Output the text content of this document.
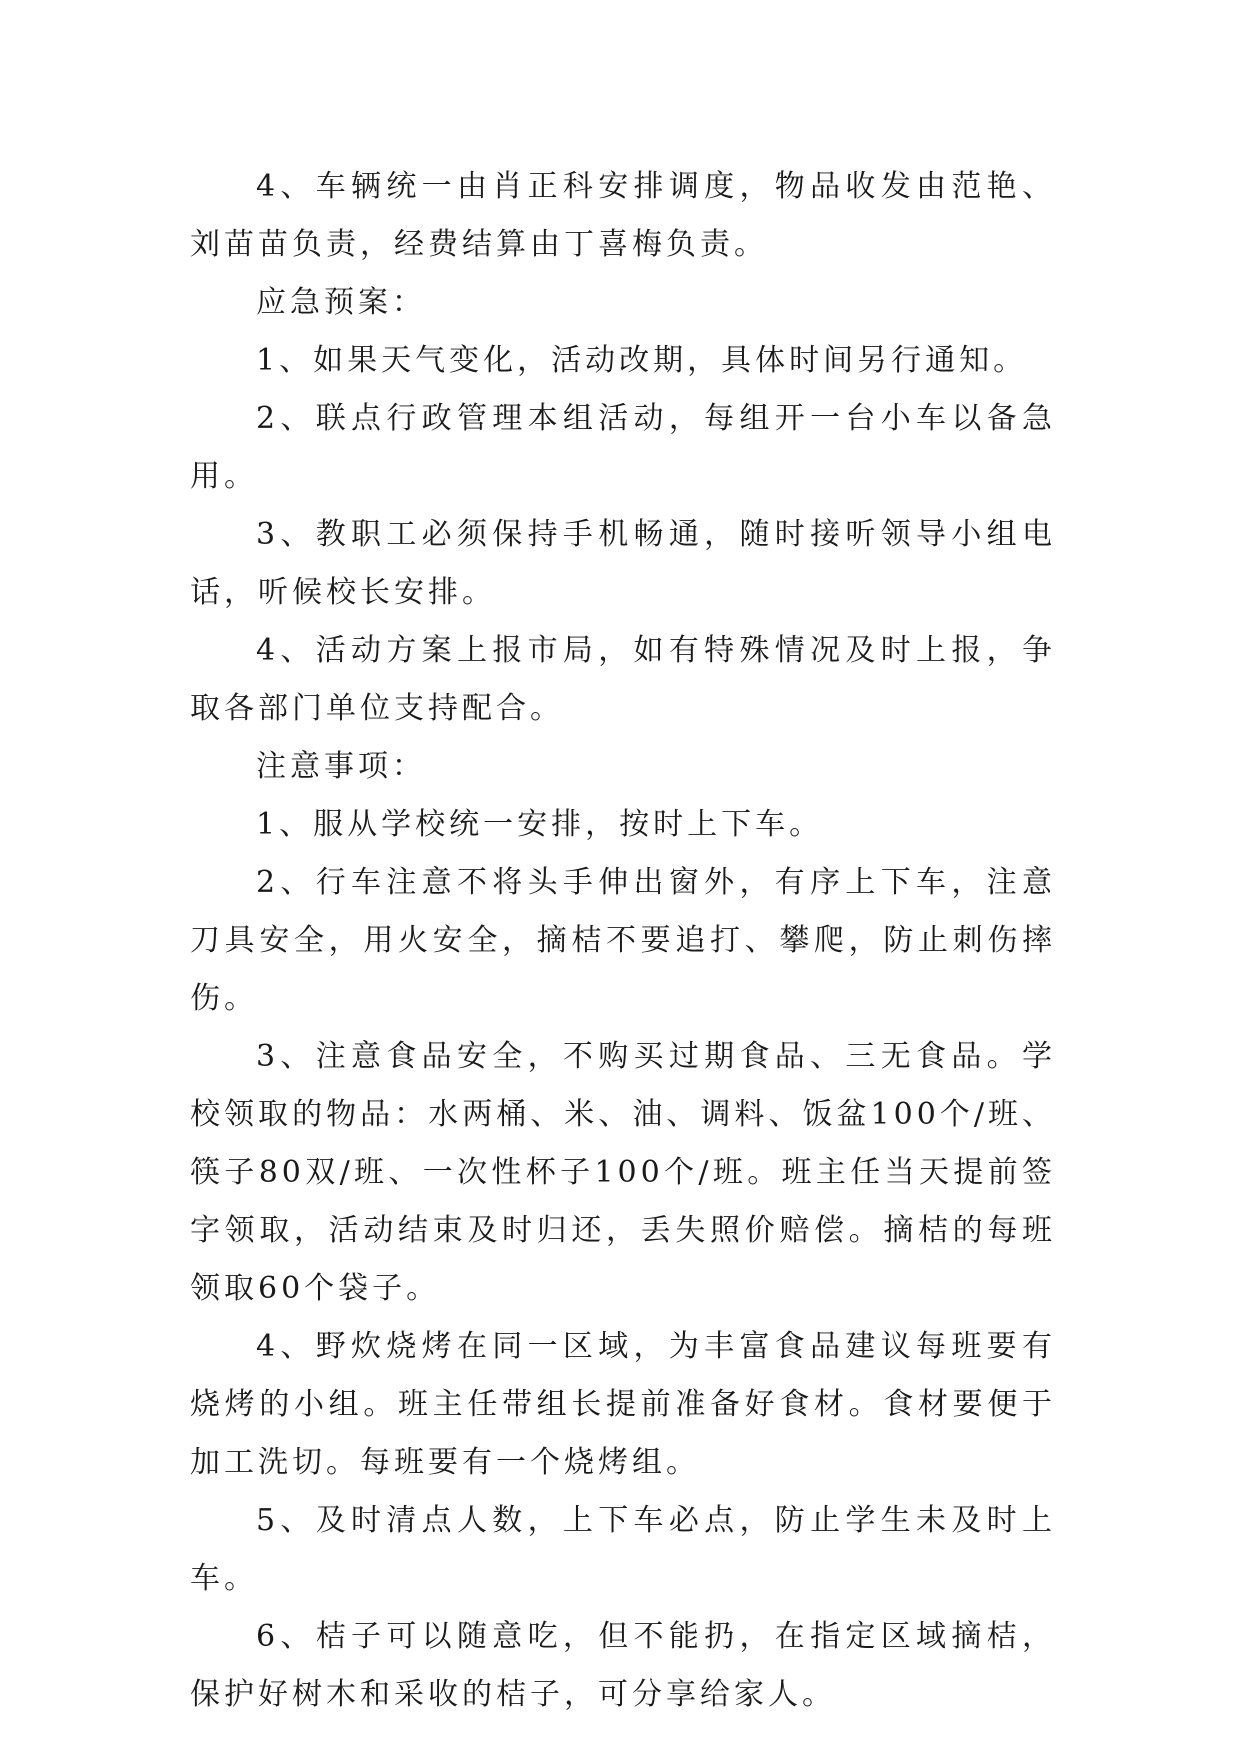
4、车辆统一由肖正科安排调度，物品收发由范艳、刘苗苗负责，经费结算由丁喜梅负责。

应急预案：

1、如果天气变化，活动改期，具体时间另行通知。

2、联点行政管理本组活动，每组开一台小车以备急用。

3、教职工必须保持手机畅通，随时接听领导小组电话，听候校长安排。

4、活动方案上报市局，如有特殊情况及时上报，争取各部门单位支持配合。

注意事项：

1、服从学校统一安排，按时上下车。

2、行车注意不将头手伸出窗外，有序上下车，注意刀具安全，用火安全，摘桔不要追打、攀爬，防止刺伤摔伤。

3、注意食品安全，不购买过期食品、三无食品。学校领取的物品：水两桶、米、油、调料、饭盆100个/班、筷子80双/班、一次性杯子100个/班。班主任当天提前签字领取，活动结束及时归还，丢失照价赔偿。摘桔的每班领取60个袋子。

4、野炊烧烤在同一区域，为丰富食品建议每班要有烧烤的小组。班主任带组长提前准备好食材。食材要便于加工洗切。每班要有一个烧烤组。

5、及时清点人数，上下车必点，防止学生未及时上车。

6、桔子可以随意吃，但不能扔，在指定区域摘桔，保护好树木和采收的桔子，可分享给家人。
